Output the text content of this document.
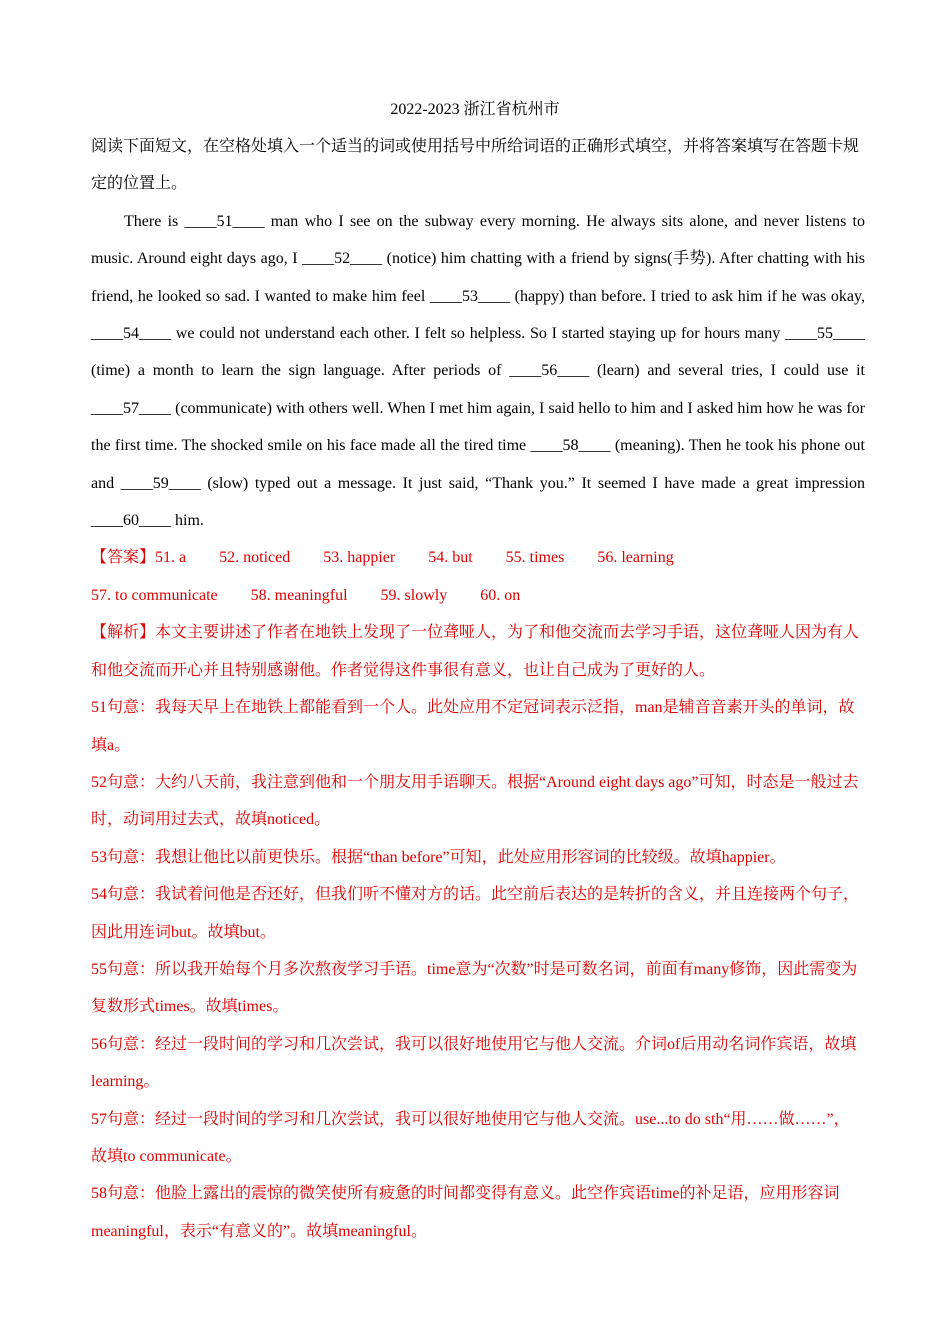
2022-2023 浙江省杭州市

阅读下面短文，在空格处填入一个适当的词或使用括号中所给词语的正确形式填空，并将答案填写在答题卡规定的位置上。

There is ____51____ man who I see on the subway every morning. He always sits alone, and never listens to music. Around eight days ago, I ____52____ (notice) him chatting with a friend by signs(手势). After chatting with his friend, he looked so sad. I wanted to make him feel ____53____ (happy) than before. I tried to ask him if he was okay, ____54____ we could not understand each other. I felt so helpless. So I started staying up for hours many ____55____ (time) a month to learn the sign language. After periods of ____56____ (learn) and several tries, I could use it ____57____ (communicate) with others well. When I met him again, I said hello to him and I asked him how he was for the first time. The shocked smile on his face made all the tired time ____58____ (meaning). Then he took his phone out and ____59____ (slow) typed out a message. It just said, “Thank you.” It seemed I have made a great impression ____60____ him.

【答案】51. a 52. noticed 53. happier 54. but 55. times 56. learning
57. to communicate 58. meaningful 59. slowly 60. on

【解析】本文主要讲述了作者在地铁上发现了一位聋哑人，为了和他交流而去学习手语，这位聋哑人因为有人和他交流而开心并且特别感谢他。作者觉得这件事很有意义，也让自己成为了更好的人。

51句意：我每天早上在地铁上都能看到一个人。此处应用不定冠词表示泛指，man是辅音音素开头的单词，故填a。

52句意：大约八天前，我注意到他和一个朋友用手语聊天。根据“Around eight days ago”可知，时态是一般过去时，动词用过去式，故填noticed。

53句意：我想让他比以前更快乐。根据“than before”可知，此处应用形容词的比较级。故填happier。

54句意：我试着问他是否还好，但我们听不懂对方的话。此空前后表达的是转折的含义，并且连接两个句子，因此用连词but。故填but。

55句意：所以我开始每个月多次熬夜学习手语。time意为“次数”时是可数名词，前面有many修饰，因此需变为复数形式times。故填times。

56句意：经过一段时间的学习和几次尝试，我可以很好地使用它与他人交流。介词of后用动名词作宾语，故填learning。

57句意：经过一段时间的学习和几次尝试，我可以很好地使用它与他人交流。use...to do sth“用……做……”，故填to communicate。

58句意：他脸上露出的震惊的微笑使所有疲惫的时间都变得有意义。此空作宾语time的补足语，应用形容词meaningful，表示“有意义的”。故填meaningful。
